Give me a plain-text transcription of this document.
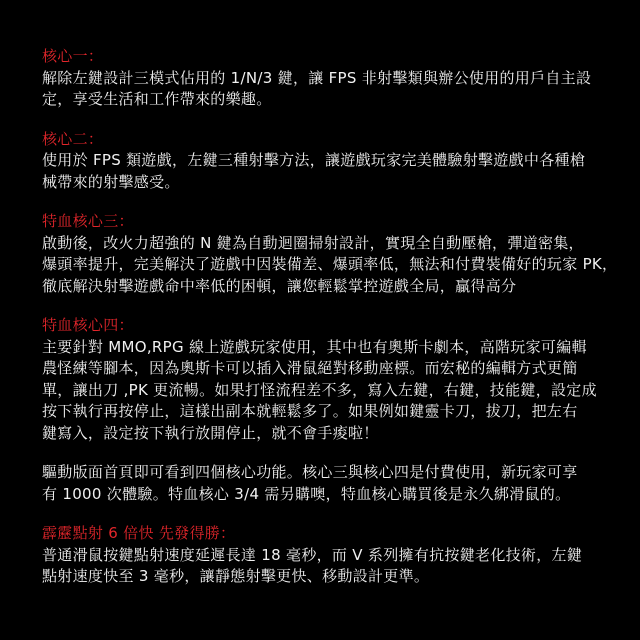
核心一：
解除左鍵設計三模式佔用的 1/N/3 鍵，讓 FPS 非射擊類與辦公使用的用戶自主設
定，享受生活和工作帶來的樂趣。
核心二：
使用於 FPS 類遊戲，左鍵三種射擊方法，讓遊戲玩家完美體驗射擊遊戲中各種槍
械帶來的射擊感受。
特血核心三：
啟動後，改火力超強的 N 鍵為自動迴圈掃射設計，實現全自動壓槍，彈道密集，
爆頭率提升，完美解決了遊戲中因裝備差、爆頭率低，無法和付費裝備好的玩家 PK，
徹底解決射擊遊戲命中率低的困頓，讓您輕鬆掌控遊戲全局，贏得高分
特血核心四：
主要針對 MMO,RPG 線上遊戲玩家使用，其中也有奧斯卡劇本，高階玩家可編輯
農怪練等腳本，因為奧斯卡可以插入滑鼠絕對移動座標。而宏秘的編輯方式更簡
單，讓出刀 ,PK 更流暢。如果打怪流程差不多，寫入左鍵，右鍵，技能鍵，設定成
按下執行再按停止，這樣出副本就輕鬆多了。如果例如鍵靈卡刀，拔刀，把左右
鍵寫入，設定按下執行放開停止，就不會手痠啦！
驅動版面首頁即可看到四個核心功能。核心三與核心四是付費使用，新玩家可享
有 1000 次體驗。特血核心 3/4 需另購噢，特血核心購買後是永久綁滑鼠的。
霹靂點射 6 倍快 先發得勝：
普通滑鼠按鍵點射速度延遲長達 18 毫秒，而 V 系列擁有抗按鍵老化技術，左鍵
點射速度快至 3 毫秒，讓靜態射擊更快、移動設計更準。
